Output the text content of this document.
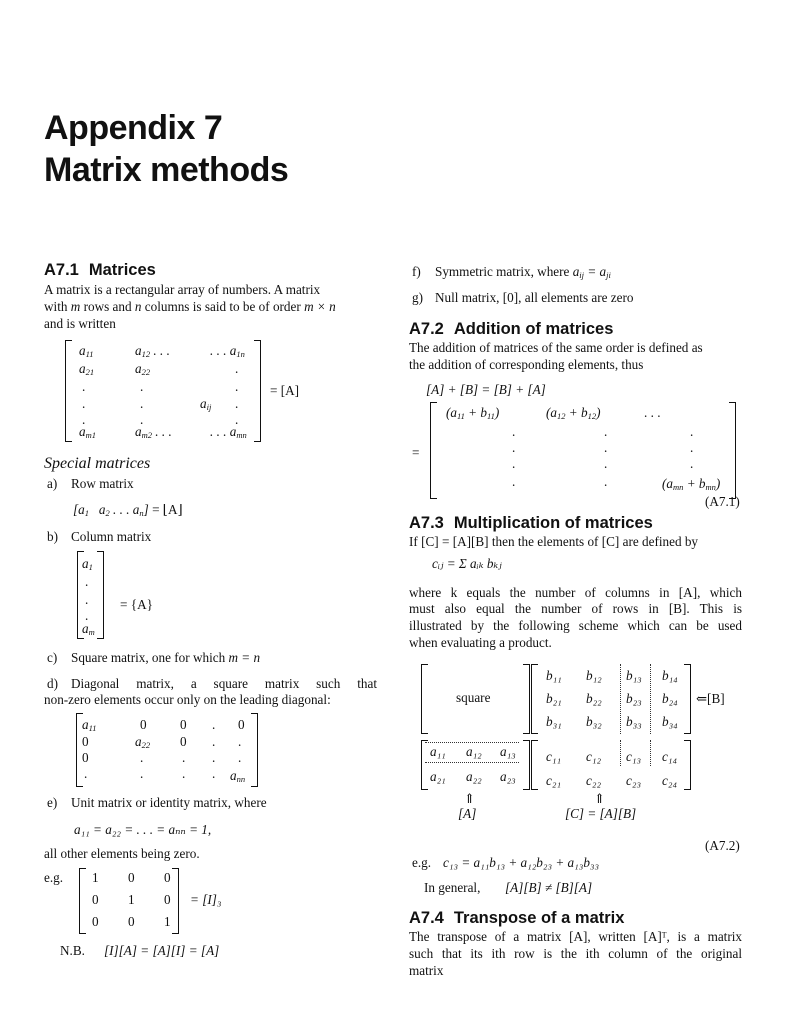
Appendix 7
Matrix methods
A7.1 Matrices
A matrix is a rectangular array of numbers. A matrix
with m rows and n columns is said to be of order m × n
and is written
$a_{11}$	$a_{12}$ . . .	. . . $a_{1n}$
$a_{21}$	$a_{22}$	.
.	.	.
.	.	$a_{ij}$ .
.	.	.
$a_{m1}$	$a_{m2}$ . . .	. . . $a_{mn}$
= [A]
Special matrices
a) Row matrix
[$a_1$   $a_2$ . . . $a_n$] = ⌊A⌋
b) Column matrix
$a_1$
.
.
.
$a_m$
= {A}
c) Square matrix, one for which m = n
d) Diagonal matrix, a square matrix such that
non-zero elements occur only on the leading diagonal:
$a_{11}$	0	0 . 0
0	$a_{22}$ 0 . .
0	.	. . .
.	.	. . $a_{nn}$
e) Unit matrix or identity matrix, where
a₁₁ = a₂₂ = . . . = aₙₙ = 1,
all other elements being zero.
e.g. 1 0 0
0 1 0
0 0 1
= [I]₃
N.B. [I][A] = [A][I] = [A]
f) Symmetric matrix, where $a_{ij} = a_{ji}$
g) Null matrix, [0], all elements are zero
A7.2 Addition of matrices
The addition of matrices of the same order is defined as
the addition of corresponding elements, thus
[A] + [B] = [B] + [A]
=
$(a_{11} + b_{11})$	$(a_{12} + b_{12})$	. . .
.	.	.
.	.	.
.	.	.
.	.	$(a_{mn} + b_{mn})$
(A7.1)
A7.3 Multiplication of matrices
If [C] = [A][B] then the elements of [C] are defined by
cᵢⱼ = Σ aᵢₖ bₖⱼ
where k equals the number of columns in [A], which
must also equal the number of rows in [B]. This is
illustrated by the following scheme which can be used
when evaluating a product.
square
b₁₁ b₁₂ b₁₃ b₁₄
b₂₁ b₂₂ b₂₃ b₂₄
b₃₁ b₃₂ b₃₃ b₃₄
⇐[B]
a₁₁ a₁₂ a₁₃
a₂₁ a₂₂ a₂₃
c₁₁ c₁₂ c₁₃ c₁₄
c₂₁ c₂₂ c₂₃ c₂₄
⇑
[A]
⇑
[C] = [A][B]
(A7.2)
e.g. c₁₃ = a₁₁b₁₃ + a₁₂b₂₃ + a₁₃b₃₃
In general, [A][B] ≠ [B][A]
A7.4 Transpose of a matrix
The transpose of a matrix [A], written [A]ᵀ, is a matrix
such that its ith row is the ith column of the original
matrix
